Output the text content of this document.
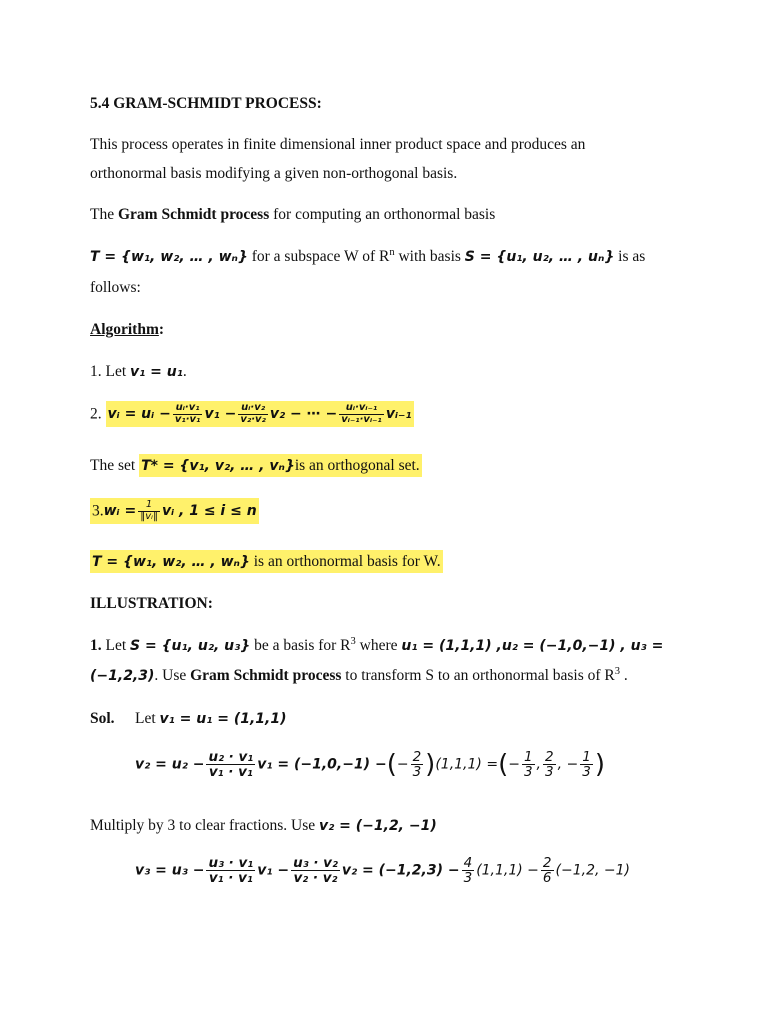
5.4 GRAM-SCHMIDT PROCESS:
This process operates in finite dimensional inner product space and produces an
orthonormal basis modifying a given non-orthogonal basis.
The Gram Schmidt process for computing an orthonormal basis
T = {w₁, w₂, … , wₙ} for a subspace W of $R^n$ with basis S = {u₁, u₂, … , uₙ} is as
follows:
Algorithm:
1. Let v₁ = u₁.
2. vᵢ = uᵢ − $\frac{\text{uᵢ·v₁}}{\text{v₁·v₁}} v_1 - \frac{\text{uᵢ·v₂}}{\text{v₂·v₂}} v_2$ − ⋯ − $\frac{\text{uᵢ·vᵢ₋₁}}{\text{vᵢ₋₁·vᵢ₋₁}}$ vᵢ₋₁
The set T* = {v₁, v₂, … , vₙ}is an orthogonal set.
3.wᵢ = $\frac{1}{\text{‖vᵢ‖}}$ vᵢ , 1 ≤ i ≤ n
T = {w₁, w₂, … , wₙ} is an orthonormal basis for W.
ILLUSTRATION:
1. Let S = {u₁, u₂, u₃} be a basis for $R^3$ where u₁ = (1,1,1) ,u₂ = (−1,0,−1) , u₃ =
(−1,2,3). Use Gram Schmidt process to transform S to an orthonormal basis of $R^3$ .
Sol. Let v₁ = u₁ = (1,1,1)
$v_2 = u_2 - \frac{\text{u₂ · v₁}}{\text{v₁ · v₁}} v_1 = (-1,0,-1)$ −(− $\frac{2}{3} )(1,1,1)$ =(− $\frac{1}{3}$ , $\frac{2}{3}$ , − $\frac{1}{3}$ )
Multiply by 3 to clear fractions. Use v₂ = (−1,2, −1)
$v_3 = u_3 - \frac{\text{u₃ · v₁}}{\text{v₁ · v₁}} v_1 - \frac{\text{u₃ · v₂}}{\text{v₂ · v₂}} v_2 = (-1,2,3) - \frac{4}{3} (1,1,1) - \frac{2}{6} (-1,2$, −1)
